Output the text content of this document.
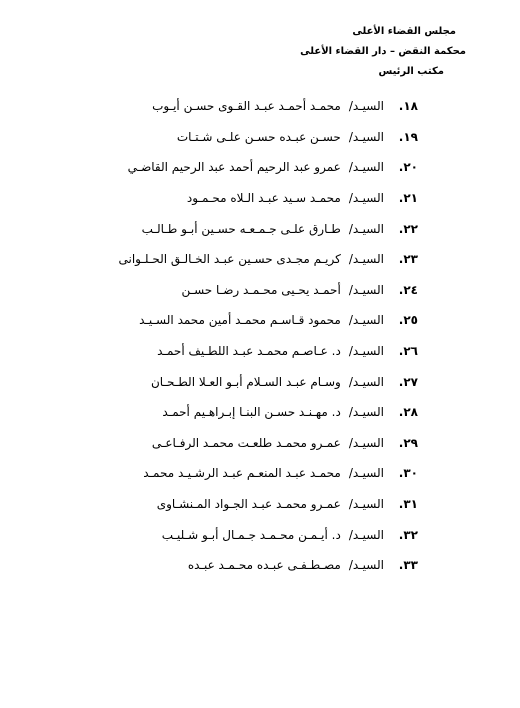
مجلس القضاء الأعلى
محكمة النقض – دار القضاء الأعلى
مكتب الرئيس
١٨.
السيـد/
محمـد أحمـد عبـد القـوى حسـن أيـوب
١٩.
السيـد/
حسـن عبـده حسـن علـى شـتـات
٢٠.
السيـد/
عمرو عبد الرحيم أحمد عبد الرحيم القاضـي
٢١.
السيـد/
محمـد سـيد عبـد الـلاه محـمـود
٢٢.
السيـد/
طـارق علـى جـمـعـه حسـين أبـو طـالـب
٢٣.
السيـد/
كريـم مجـدى حسـين عبـد الخـالـق الحـلـوانى
٢٤.
السيـد/
أحمـد يحـيى محـمـد رضـا حسـن
٢٥.
السيـد/
محمود قـاسـم محمـد أمين محمد السـيـد
٢٦.
السيـد/
د. عـاصـم محمـد عبـد اللطـيف أحمـد
٢٧.
السيـد/
وسـام عبـد السـلام أبـو العـلا الطـحـان
٢٨.
السيـد/
د. مهـنـد حسـن البنـا إبـراهـيم أحمـد
٢٩.
السيـد/
عمـرو محمـد طلعـت محمـد الرفـاعـى
٣٠.
السيـد/
محمـد عبـد المنعـم عبـد الرشـيـد محمـد
٣١.
السيـد/
عمـرو محمـد عبـد الجـواد المـنشـاوى
٣٢.
السيـد/
د. أيـمـن محـمـد جـمـال أبـو شـليـب
٣٣.
السيـد/
مصـطـفـى عبـده محـمـد عبـده
